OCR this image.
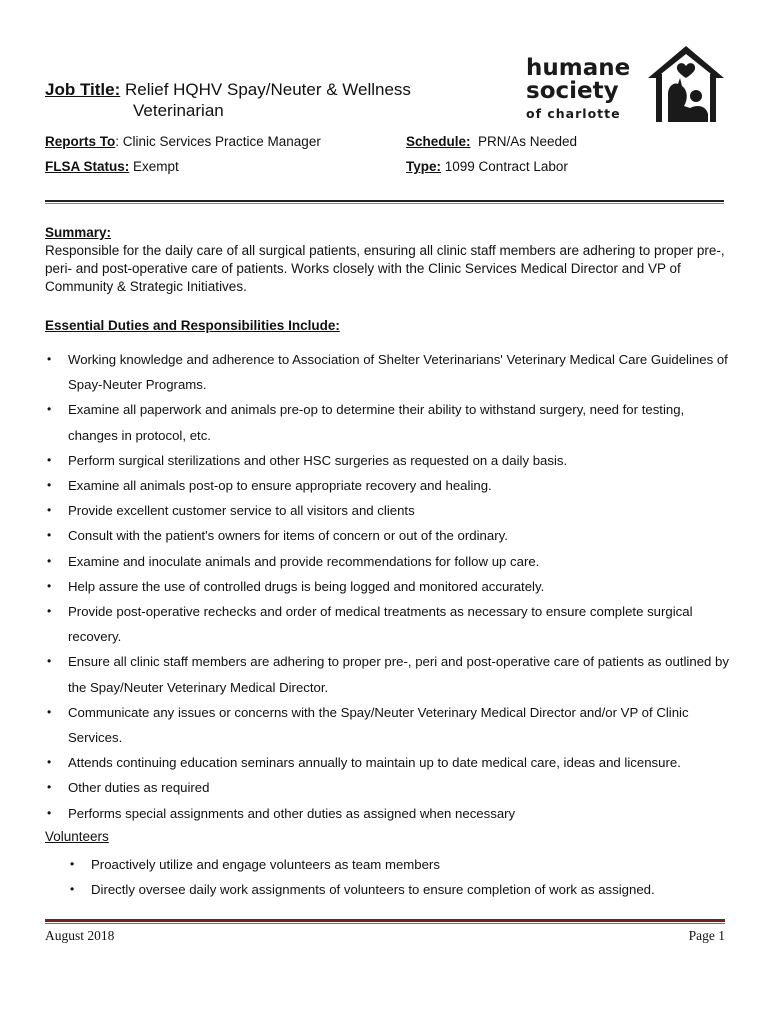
Job Title: Relief HQHV Spay/Neuter & Wellness
Veterinarian
humane
society
of charlotte
Reports To: Clinic Services Practice Manager	Schedule:  PRN/As Needed
FLSA Status: Exempt	Type: 1099 Contract Labor
Summary:
Responsible for the daily care of all surgical patients, ensuring all clinic staff members are adhering to proper pre-, peri- and post-operative care of patients. Works closely with the Clinic Services Medical Director and VP of Community & Strategic Initiatives.
Essential Duties and Responsibilities Include:
• Working knowledge and adherence to Association of Shelter Veterinarians' Veterinary Medical Care Guidelines of Spay-Neuter Programs.
• Examine all paperwork and animals pre-op to determine their ability to withstand surgery, need for testing, changes in protocol, etc.
• Perform surgical sterilizations and other HSC surgeries as requested on a daily basis.
• Examine all animals post-op to ensure appropriate recovery and healing.
• Provide excellent customer service to all visitors and clients
• Consult with the patient's owners for items of concern or out of the ordinary.
• Examine and inoculate animals and provide recommendations for follow up care.
• Help assure the use of controlled drugs is being logged and monitored accurately.
• Provide post-operative rechecks and order of medical treatments as necessary to ensure complete surgical recovery.
• Ensure all clinic staff members are adhering to proper pre-, peri and post-operative care of patients as outlined by the Spay/Neuter Veterinary Medical Director.
• Communicate any issues or concerns with the Spay/Neuter Veterinary Medical Director and/or VP of Clinic Services.
• Attends continuing education seminars annually to maintain up to date medical care, ideas and licensure.
• Other duties as required
• Performs special assignments and other duties as assigned when necessary
Volunteers
• Proactively utilize and engage volunteers as team members
• Directly oversee daily work assignments of volunteers to ensure completion of work as assigned.
August 2018	Page 1
